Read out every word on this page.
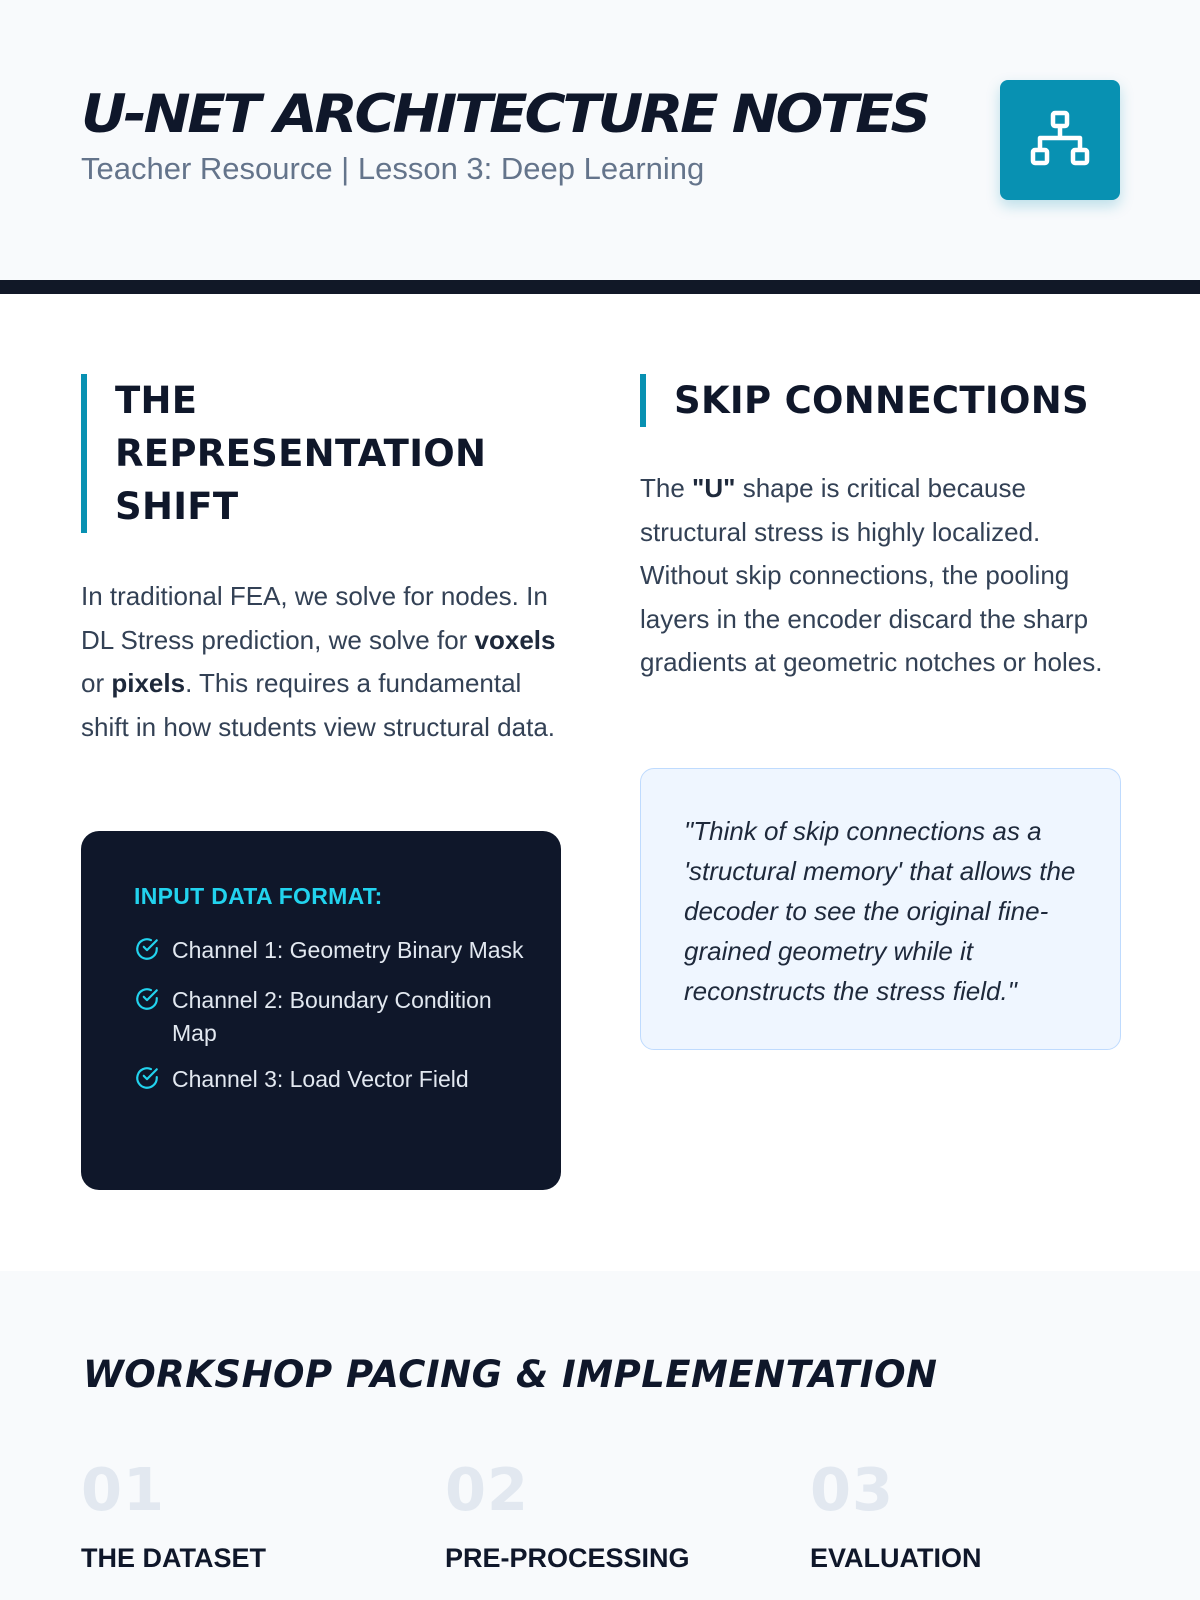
U-NET ARCHITECTURE NOTES
Teacher Resource | Lesson 3: Deep Learning
THE REPRESENTATION SHIFT

In traditional FEA, we solve for nodes. In DL Stress prediction, we solve for voxels or pixels. This requires a fundamental shift in how students view structural data.

INPUT DATA FORMAT:
Channel 1: Geometry Binary Mask
Channel 2: Boundary Condition Map
Channel 3: Load Vector Field
SKIP CONNECTIONS

The "U" shape is critical because structural stress is highly localized. Without skip connections, the pooling layers in the encoder discard the sharp gradients at geometric notches or holes.

"Think of skip connections as a 'structural memory' that allows the decoder to see the original fine-grained geometry while it reconstructs the stress field."
WORKSHOP PACING & IMPLEMENTATION
01
THE DATASET
02
PRE-PROCESSING
03
EVALUATION
